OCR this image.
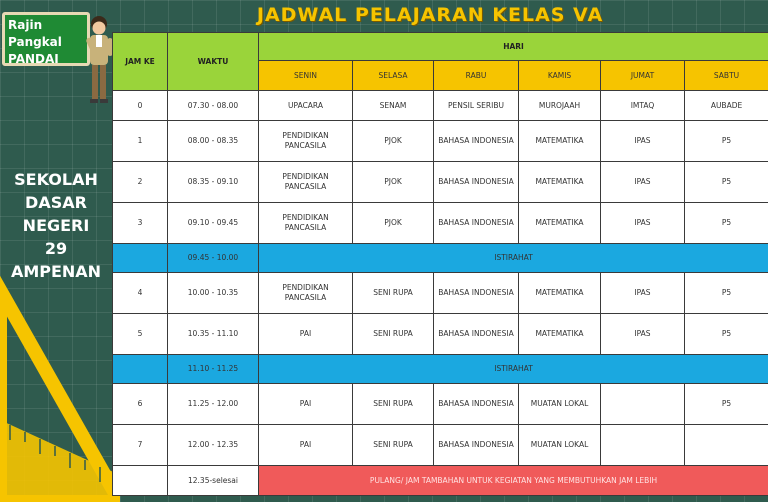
Rajin Pangkal
PANDAI
SEKOLAH
DASAR
NEGERI
29
AMPENAN
JADWAL PELAJARAN KELAS VA
JAM KE	WAKTU	HARI					
		SENIN	SELASA	RABU	KAMIS	JUMAT	SABTU
0	07.30 - 08.00	UPACARA	SENAM	PENSIL SERIBU	MUROJAAH	IMTAQ	AUBADE
1	08.00 - 08.35	PENDIDIKAN PANCASILA	PJOK	BAHASA INDONESIA	MATEMATIKA	IPAS	P5
2	08.35 - 09.10	PENDIDIKAN PANCASILA	PJOK	BAHASA INDONESIA	MATEMATIKA	IPAS	P5
3	09.10 - 09.45	PENDIDIKAN PANCASILA	PJOK	BAHASA INDONESIA	MATEMATIKA	IPAS	P5
	09.45 - 10.00	ISTIRAHAT					
4	10.00 - 10.35	PENDIDIKAN PANCASILA	SENI RUPA	BAHASA INDONESIA	MATEMATIKA	IPAS	P5
5	10.35 - 11.10	PAI	SENI RUPA	BAHASA INDONESIA	MATEMATIKA	IPAS	P5
	11.10 - 11.25	ISTIRAHAT					
6	11.25 - 12.00	PAI	SENI RUPA	BAHASA INDONESIA	MUATAN LOKAL		P5
7	12.00 - 12.35	PAI	SENI RUPA	BAHASA INDONESIA	MUATAN LOKAL		
	12.35-selesai	PULANG/ JAM TAMBAHAN UNTUK KEGIATAN YANG MEMBUTUHKAN JAM LEBIH					
